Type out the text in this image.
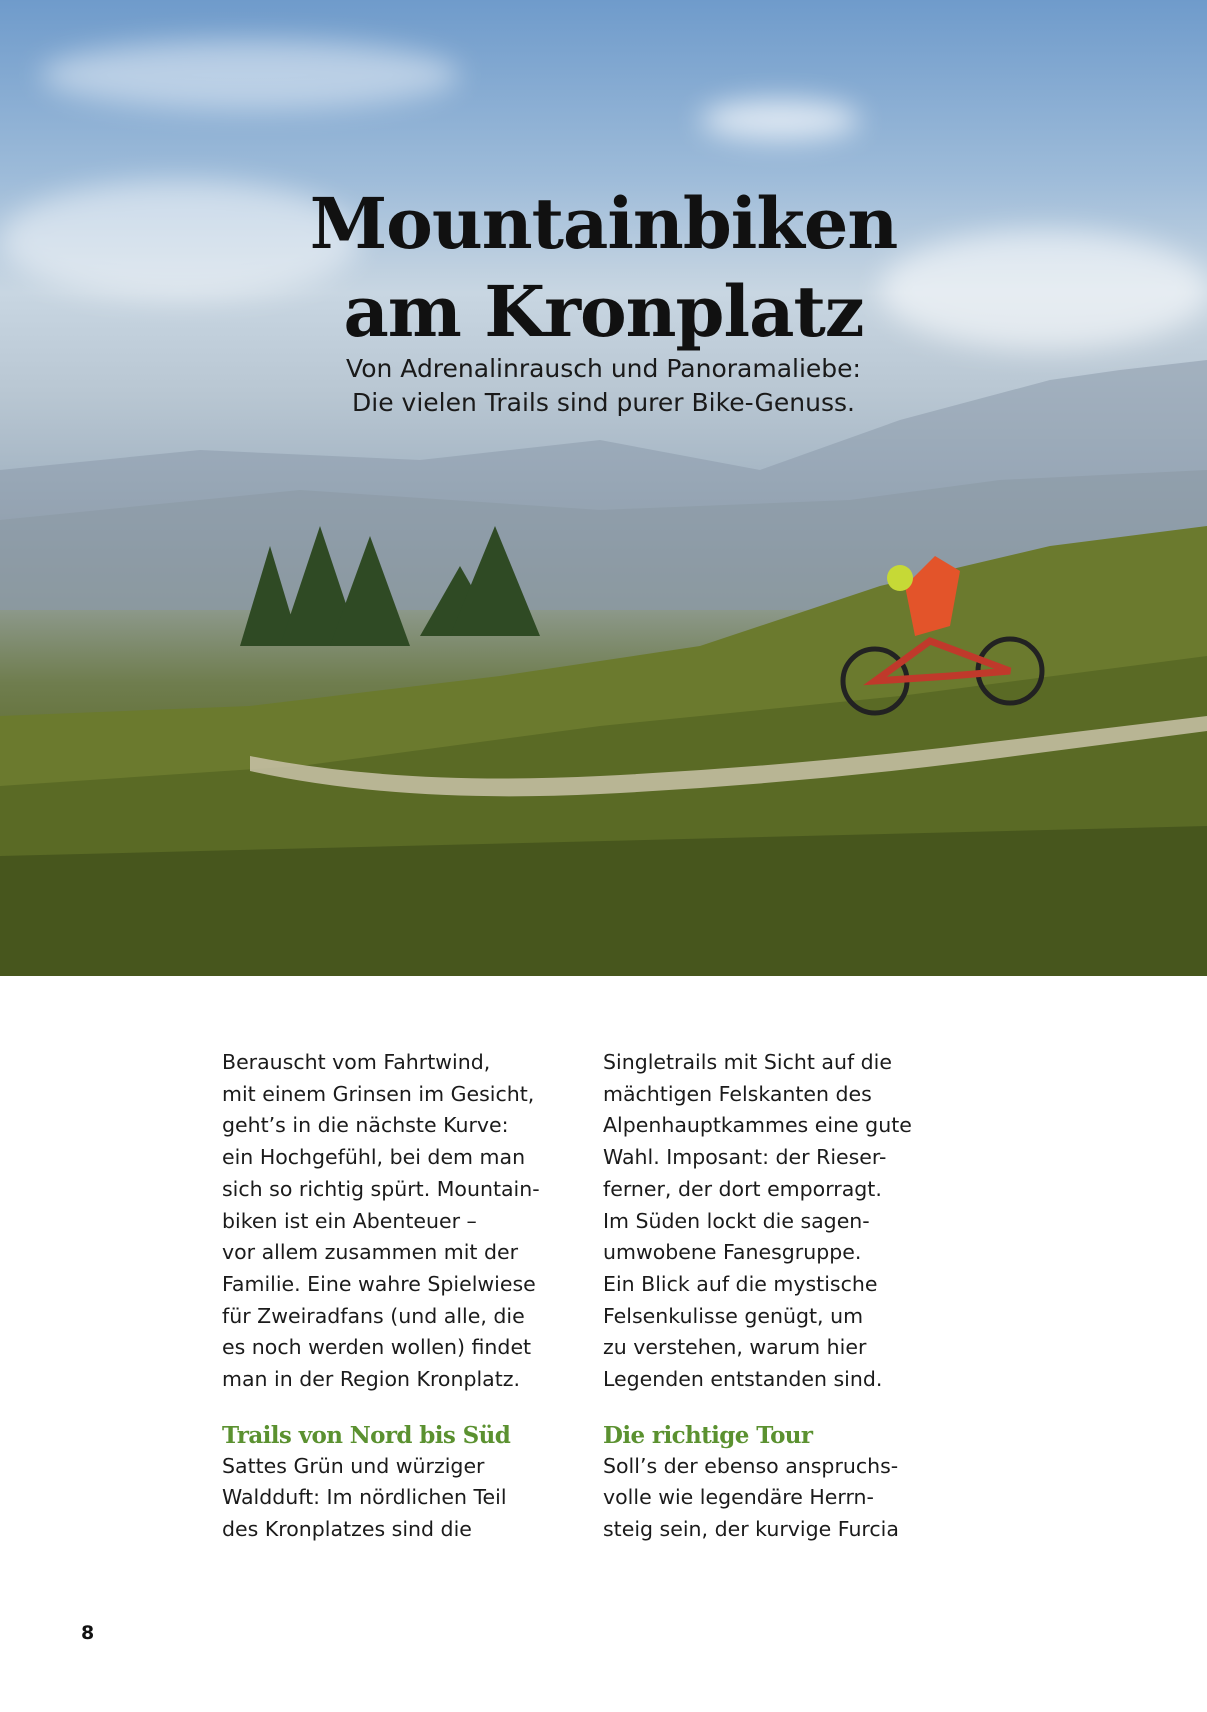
Mountainbiken
am Kronplatz
Von Adrenalinrausch und Panoramaliebe:
Die vielen Trails sind purer Bike-Genuss.

Berauscht vom Fahrtwind,
mit einem Grinsen im Gesicht,
geht’s in die nächste Kurve:
ein Hochgefühl, bei dem man
sich so richtig spürt. Mountain-
biken ist ein Abenteuer –
vor allem zusammen mit der
Familie. Eine wahre Spielwiese
für Zweiradfans (und alle, die
es noch werden wollen) findet
man in der Region Kronplatz.

Trails von Nord bis Süd

Sattes Grün und würziger
Waldduft: Im nördlichen Teil
des Kronplatzes sind die

Singletrails mit Sicht auf die
mächtigen Felskanten des
Alpenhauptkammes eine gute
Wahl. Imposant: der Rieser-
ferner, der dort emporragt.
Im Süden lockt die sagen-
umwobene Fanesgruppe.
Ein Blick auf die mystische
Felsenkulisse genügt, um
zu verstehen, warum hier
Legenden entstanden sind.

Die richtige Tour

Soll’s der ebenso anspruchs-
volle wie legendäre Herrn-
steig sein, der kurvige Furcia

8
